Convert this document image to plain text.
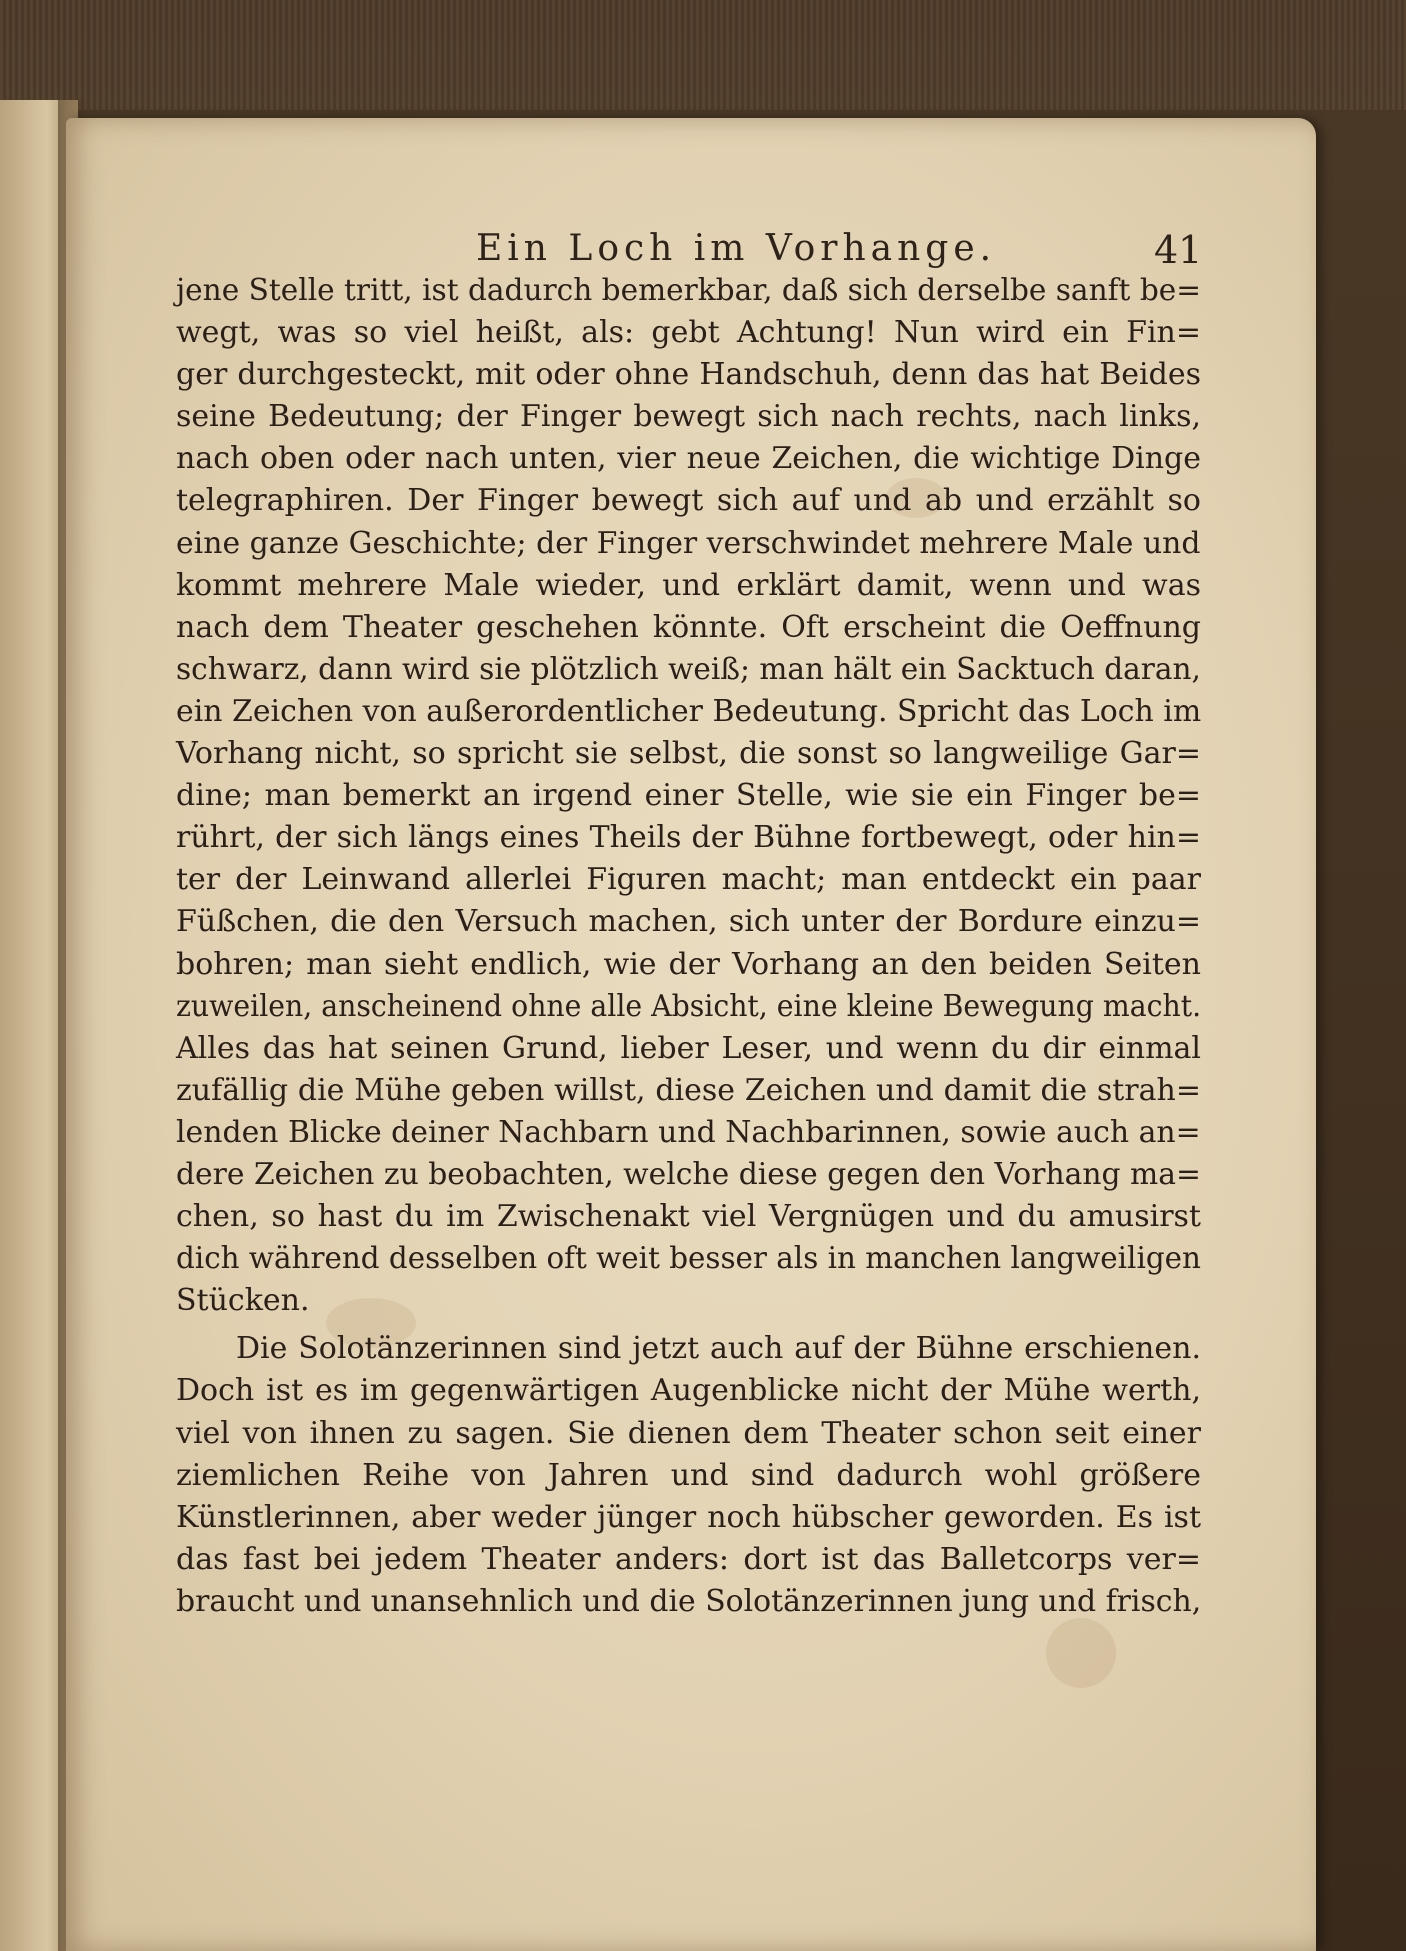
Ein Loch im Vorhange.	41
jene Stelle tritt, ist dadurch bemerkbar, daß sich derselbe sanft be=
wegt, was so viel heißt, als: gebt Achtung! Nun wird ein Fin=
ger durchgesteckt, mit oder ohne Handschuh, denn das hat Beides
seine Bedeutung; der Finger bewegt sich nach rechts, nach links,
nach oben oder nach unten, vier neue Zeichen, die wichtige Dinge
telegraphiren. Der Finger bewegt sich auf und ab und erzählt so
eine ganze Geschichte; der Finger verschwindet mehrere Male und
kommt mehrere Male wieder, und erklärt damit, wenn und was
nach dem Theater geschehen könnte. Oft erscheint die Oeffnung
schwarz, dann wird sie plötzlich weiß; man hält ein Sacktuch daran,
ein Zeichen von außerordentlicher Bedeutung. Spricht das Loch im
Vorhang nicht, so spricht sie selbst, die sonst so langweilige Gar=
dine; man bemerkt an irgend einer Stelle, wie sie ein Finger be=
rührt, der sich längs eines Theils der Bühne fortbewegt, oder hin=
ter der Leinwand allerlei Figuren macht; man entdeckt ein paar
Füßchen, die den Versuch machen, sich unter der Bordure einzu=
bohren; man sieht endlich, wie der Vorhang an den beiden Seiten
zuweilen, anscheinend ohne alle Absicht, eine kleine Bewegung macht.
Alles das hat seinen Grund, lieber Leser, und wenn du dir einmal
zufällig die Mühe geben willst, diese Zeichen und damit die strah=
lenden Blicke deiner Nachbarn und Nachbarinnen, sowie auch an=
dere Zeichen zu beobachten, welche diese gegen den Vorhang ma=
chen, so hast du im Zwischenakt viel Vergnügen und du amusirst
dich während desselben oft weit besser als in manchen langweiligen
Stücken.
Die Solotänzerinnen sind jetzt auch auf der Bühne erschienen.
Doch ist es im gegenwärtigen Augenblicke nicht der Mühe werth,
viel von ihnen zu sagen. Sie dienen dem Theater schon seit einer
ziemlichen Reihe von Jahren und sind dadurch wohl größere
Künstlerinnen, aber weder jünger noch hübscher geworden. Es ist
das fast bei jedem Theater anders: dort ist das Balletcorps ver=
braucht und unansehnlich und die Solotänzerinnen jung und frisch,
